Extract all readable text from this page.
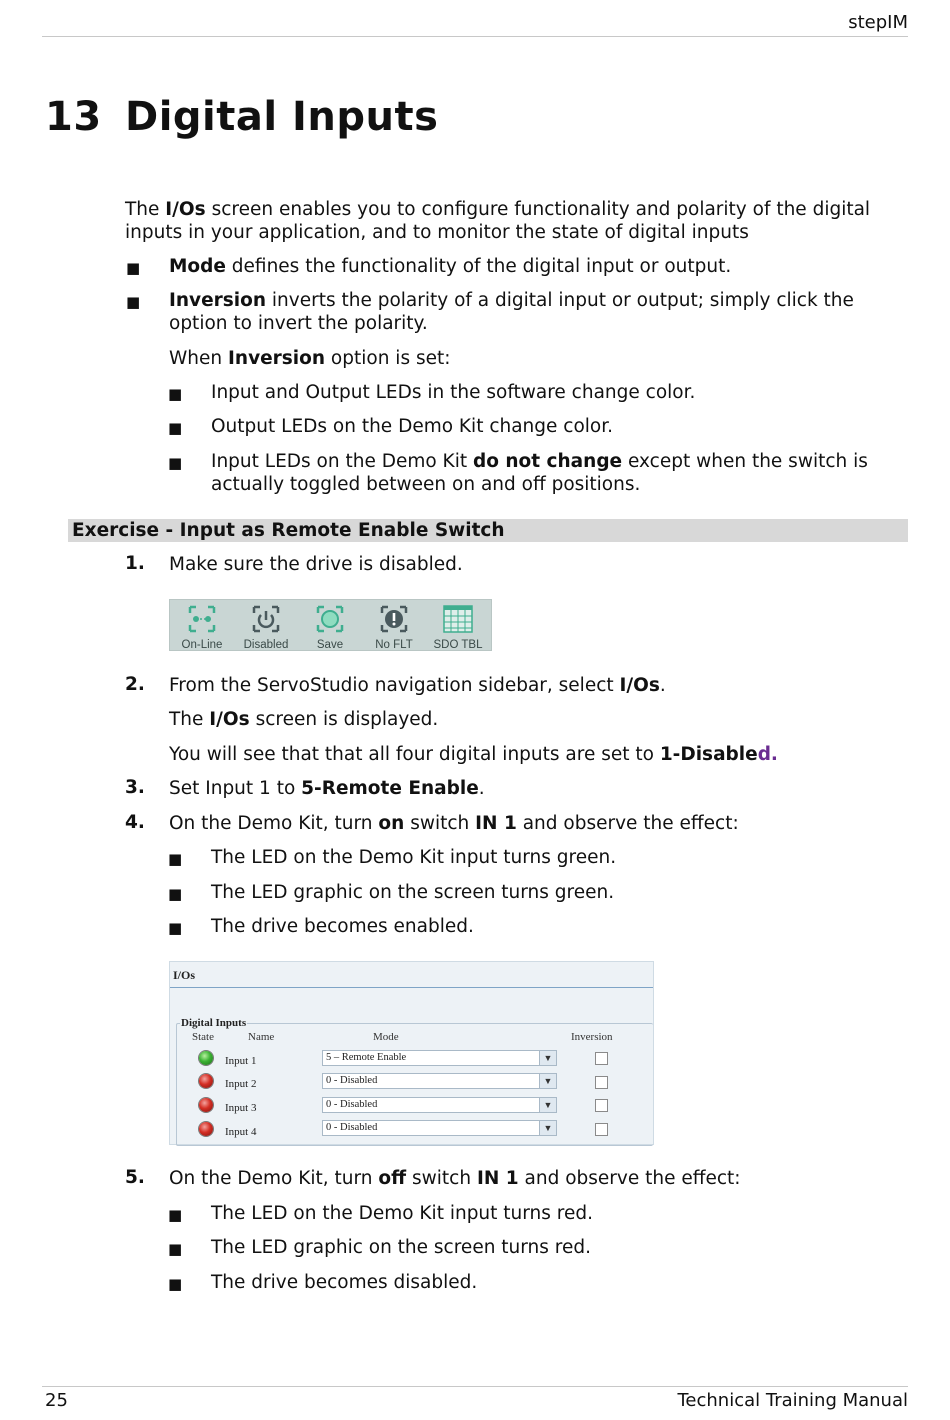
stepIM
13 Digital Inputs

The I/Os screen enables you to configure functionality and polarity of the digital

inputs in your application, and to monitor the state of digital inputs

■ Mode defines the functionality of the digital input or output.

■ Inversion inverts the polarity of a digital input or output; simply click the

option to invert the polarity.

When Inversion option is set:

■ Input and Output LEDs in the software change color.

■ Output LEDs on the Demo Kit change color.

■ Input LEDs on the Demo Kit do not change except when the switch is

actually toggled between on and off positions.

Exercise - Input as Remote Enable Switch
1. Make sure the drive is disabled.

On-Line	Disabled	Save	No FLT	SDO TBL
2. From the ServoStudio navigation sidebar, select I/Os.

The I/Os screen is displayed.

You will see that that all four digital inputs are set to 1-Disabled.

3. Set Input 1 to 5-Remote Enable.

4. On the Demo Kit, turn on switch IN 1 and observe the effect:

■ The LED on the Demo Kit input turns green.

■ The LED graphic on the screen turns green.

■ The drive becomes enabled.

I/Os
Digital Inputs
State	Name	Mode	Inversion
Input 1	5 – Remote Enable	▼
Input 2	0 - Disabled	▼
Input 3	0 - Disabled	▼
Input 4	0 - Disabled	▼
5. On the Demo Kit, turn off switch IN 1 and observe the effect:

■ The LED on the Demo Kit input turns red.

■ The LED graphic on the screen turns red.

■ The drive becomes disabled.

25	Technical Training Manual
